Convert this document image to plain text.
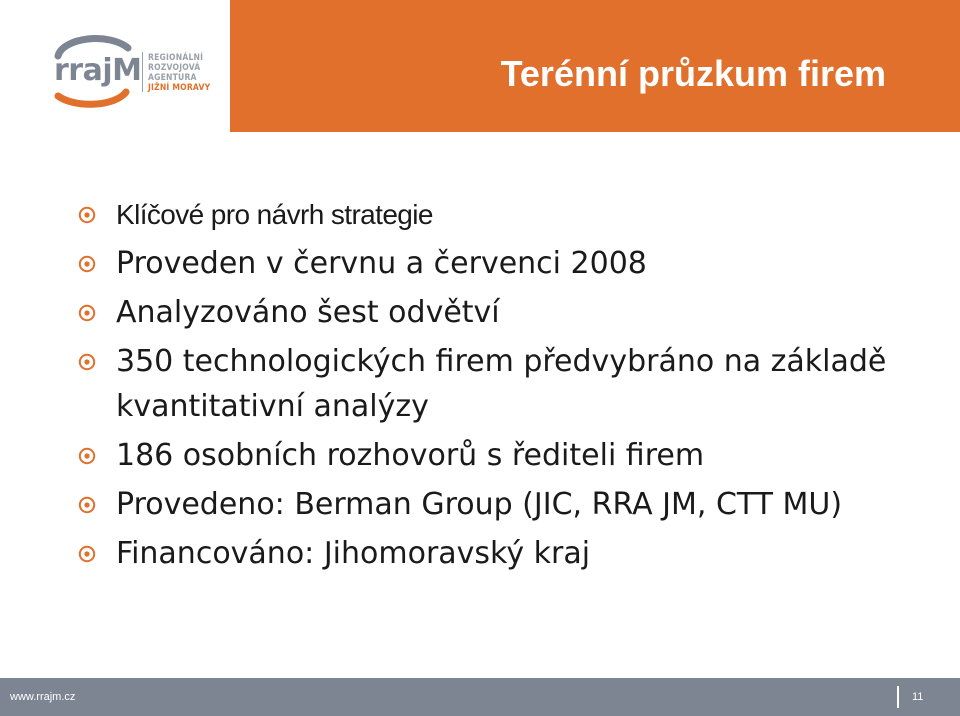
rrajM REGIONÁLNÍ
ROZVOJOVÁ
AGENTURA
JIŽNÍ MORAVY	Terénní průzkum firem
Klíčové pro návrh strategie
Proveden v červnu a červenci 2008
Analyzováno šest odvětví
350 technologických firem předvybráno na základě kvantitativní analýzy
186 osobních rozhovorů s řediteli firem
Provedeno: Berman Group (JIC, RRA JM, CTT MU)
Financováno: Jihomoravský kraj
www.rrajm.cz	11
